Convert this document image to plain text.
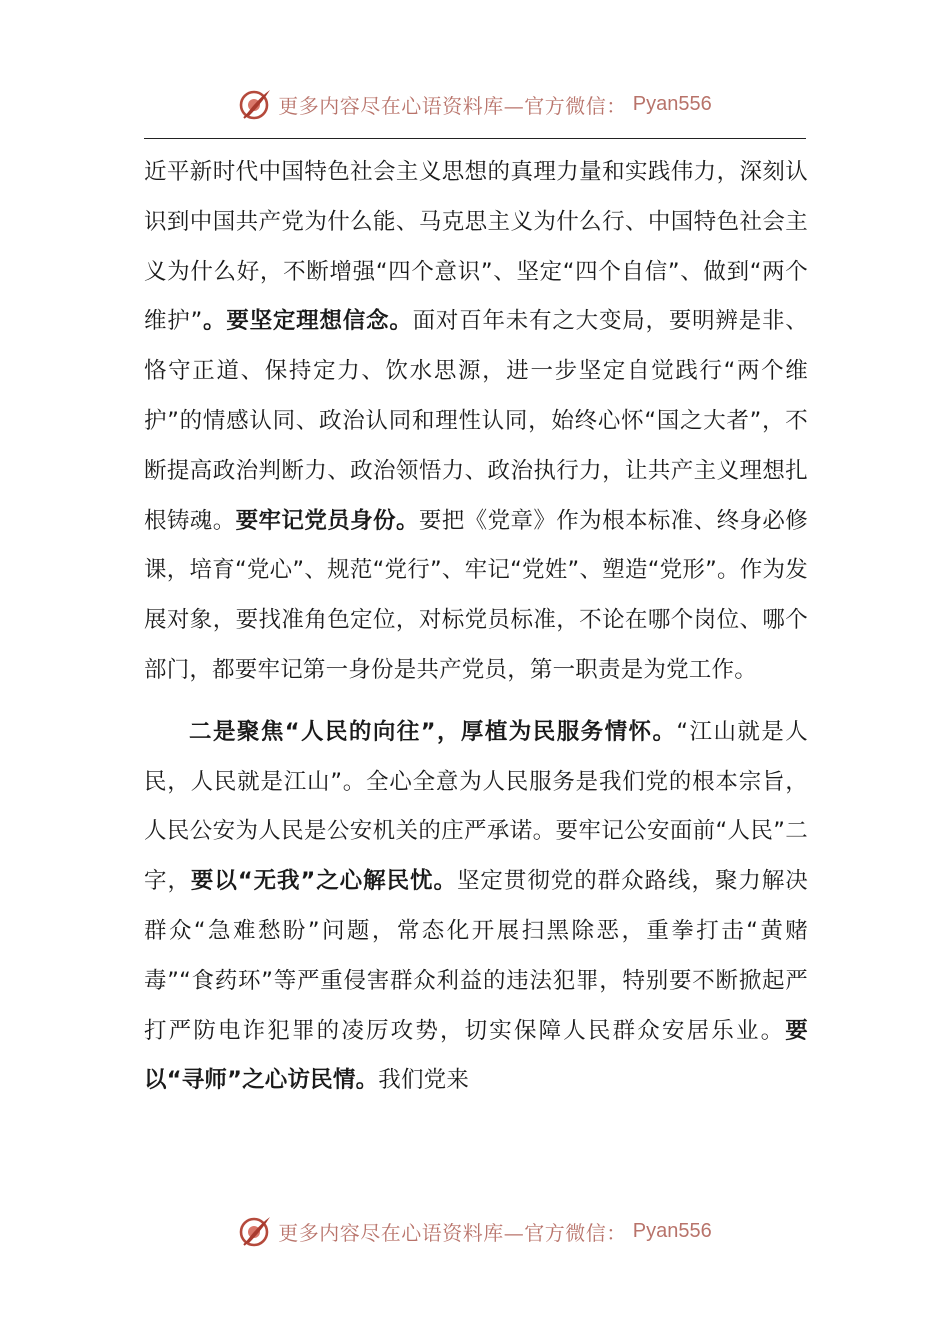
更多内容尽在心语资料库—官方微信： Pyan556

近平新时代中国特色社会主义思想的真理力量和实践伟力，深刻认识到中国共产党为什么能、马克思主义为什么行、中国特色社会主义为什么好，不断增强“四个意识”、坚定“四个自信”、做到“两个维护”。要坚定理想信念。面对百年未有之大变局，要明辨是非、恪守正道、保持定力、饮水思源，进一步坚定自觉践行“两个维护”的情感认同、政治认同和理性认同，始终心怀“国之大者”，不断提高政治判断力、政治领悟力、政治执行力，让共产主义理想扎根铸魂。要牢记党员身份。要把《党章》作为根本标准、终身必修课，培育“党心”、规范“党行”、牢记“党姓”、塑造“党形”。作为发展对象，要找准角色定位，对标党员标准，不论在哪个岗位、哪个部门，都要牢记第一身份是共产党员，第一职责是为党工作。

二是聚焦“人民的向往”，厚植为民服务情怀。“江山就是人民，人民就是江山”。全心全意为人民服务是我们党的根本宗旨，人民公安为人民是公安机关的庄严承诺。要牢记公安面前“人民”二字，要以“无我”之心解民忧。坚定贯彻党的群众路线，聚力解决群众“急难愁盼”问题，常态化开展扫黑除恶，重拳打击“黄赌毒”“食药环”等严重侵害群众利益的违法犯罪，特别要不断掀起严打严防电诈犯罪的凌厉攻势，切实保障人民群众安居乐业。要以“寻师”之心访民情。我们党来

更多内容尽在心语资料库—官方微信： Pyan556
